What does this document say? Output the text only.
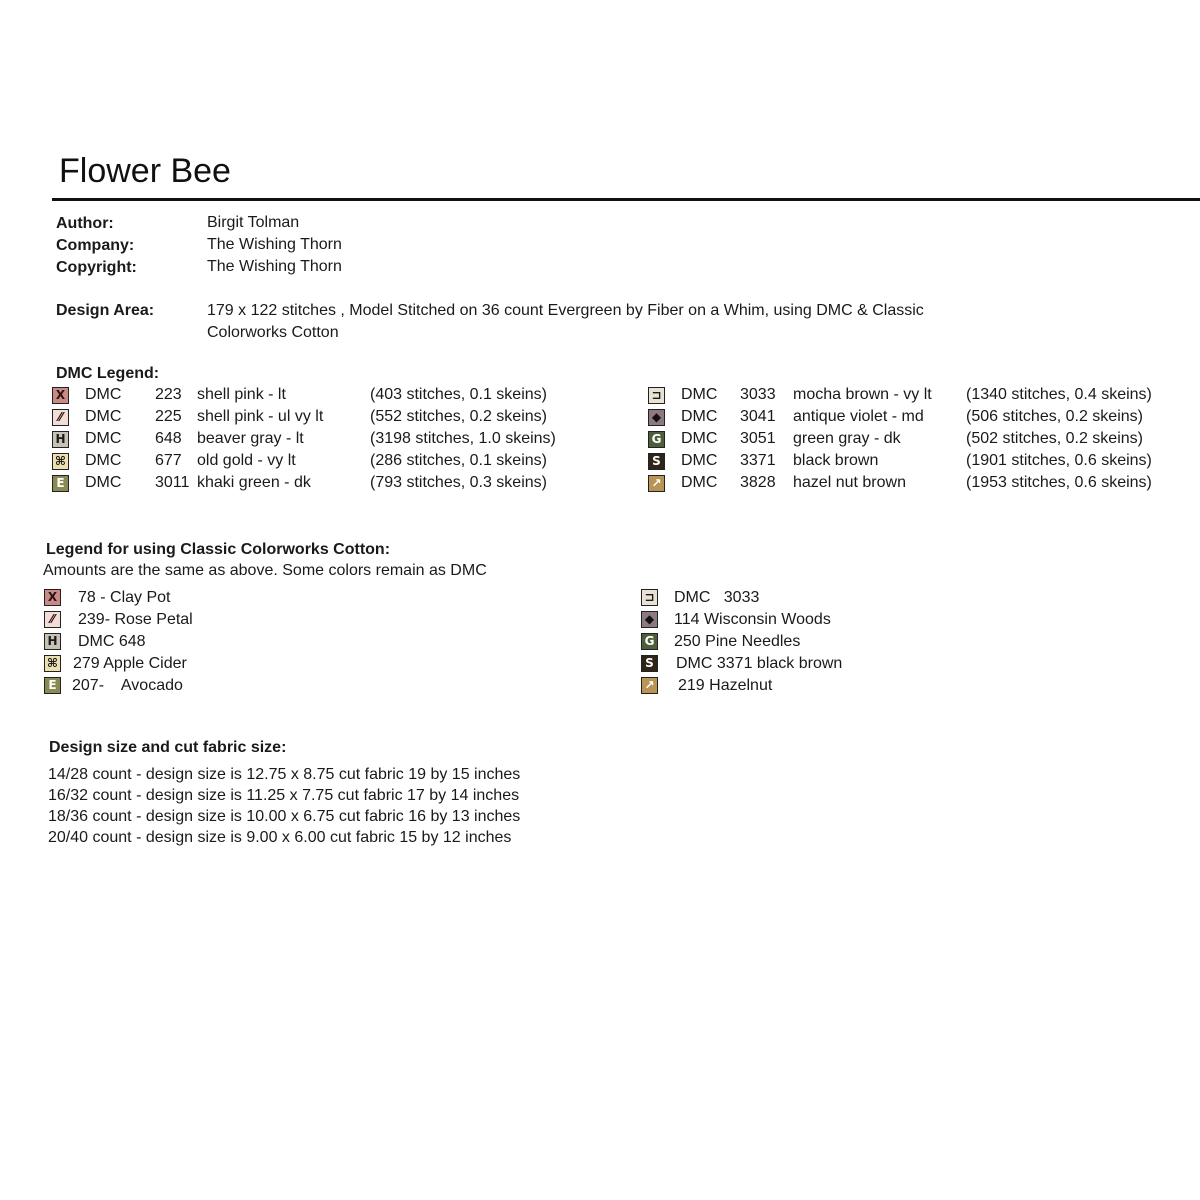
Flower Bee
Author:	Birgit Tolman
Company:	The Wishing Thorn
Copyright:	The Wishing Thorn
Design Area:	179 x 122 stitches , Model Stitched on 36 count Evergreen by Fiber on a Whim, using DMC & Classic
Colorworks Cotton
DMC Legend:
X DMC 223 shell pink - lt	(403 stitches, 0.1 skeins)
⁄⁄	DMC 225 shell pink - ul vy lt	(552 stitches, 0.2 skeins)
H DMC 648 beaver gray - lt	(3198 stitches, 1.0 skeins)
⌘ DMC 677 old gold - vy lt	(286 stitches, 0.1 skeins)
E DMC 3011 khaki green - dk	(793 stitches, 0.3 skeins)
⊐ DMC 3033 mocha brown - vy lt (1340 stitches, 0.4 skeins)
◆ DMC 3041 antique violet - md	(506 stitches, 0.2 skeins)
G DMC 3051 green gray - dk	(502 stitches, 0.2 skeins)
S DMC 3371 black brown	(1901 stitches, 0.6 skeins)
↗ DMC 3828 hazel nut brown	(1953 stitches, 0.6 skeins)
Legend for using Classic Colorworks Cotton:
Amounts are the same as above. Some colors remain as DMC
X 78 - Clay Pot
⁄⁄	239- Rose Petal
H DMC 648
⌘ 279 Apple Cider
E 207-    Avocado
⊐ DMC   3033
◆ 114 Wisconsin Woods
G 250 Pine Needles
S DMC 3371 black brown
↗ 219 Hazelnut
Design size and cut fabric size:
14/28 count - design size is 12.75 x 8.75 cut fabric 19 by 15 inches
16/32 count - design size is 11.25 x 7.75 cut fabric 17 by 14 inches
18/36 count - design size is 10.00 x 6.75 cut fabric 16 by 13 inches
20/40 count - design size is 9.00 x 6.00 cut fabric 15 by 12 inches
